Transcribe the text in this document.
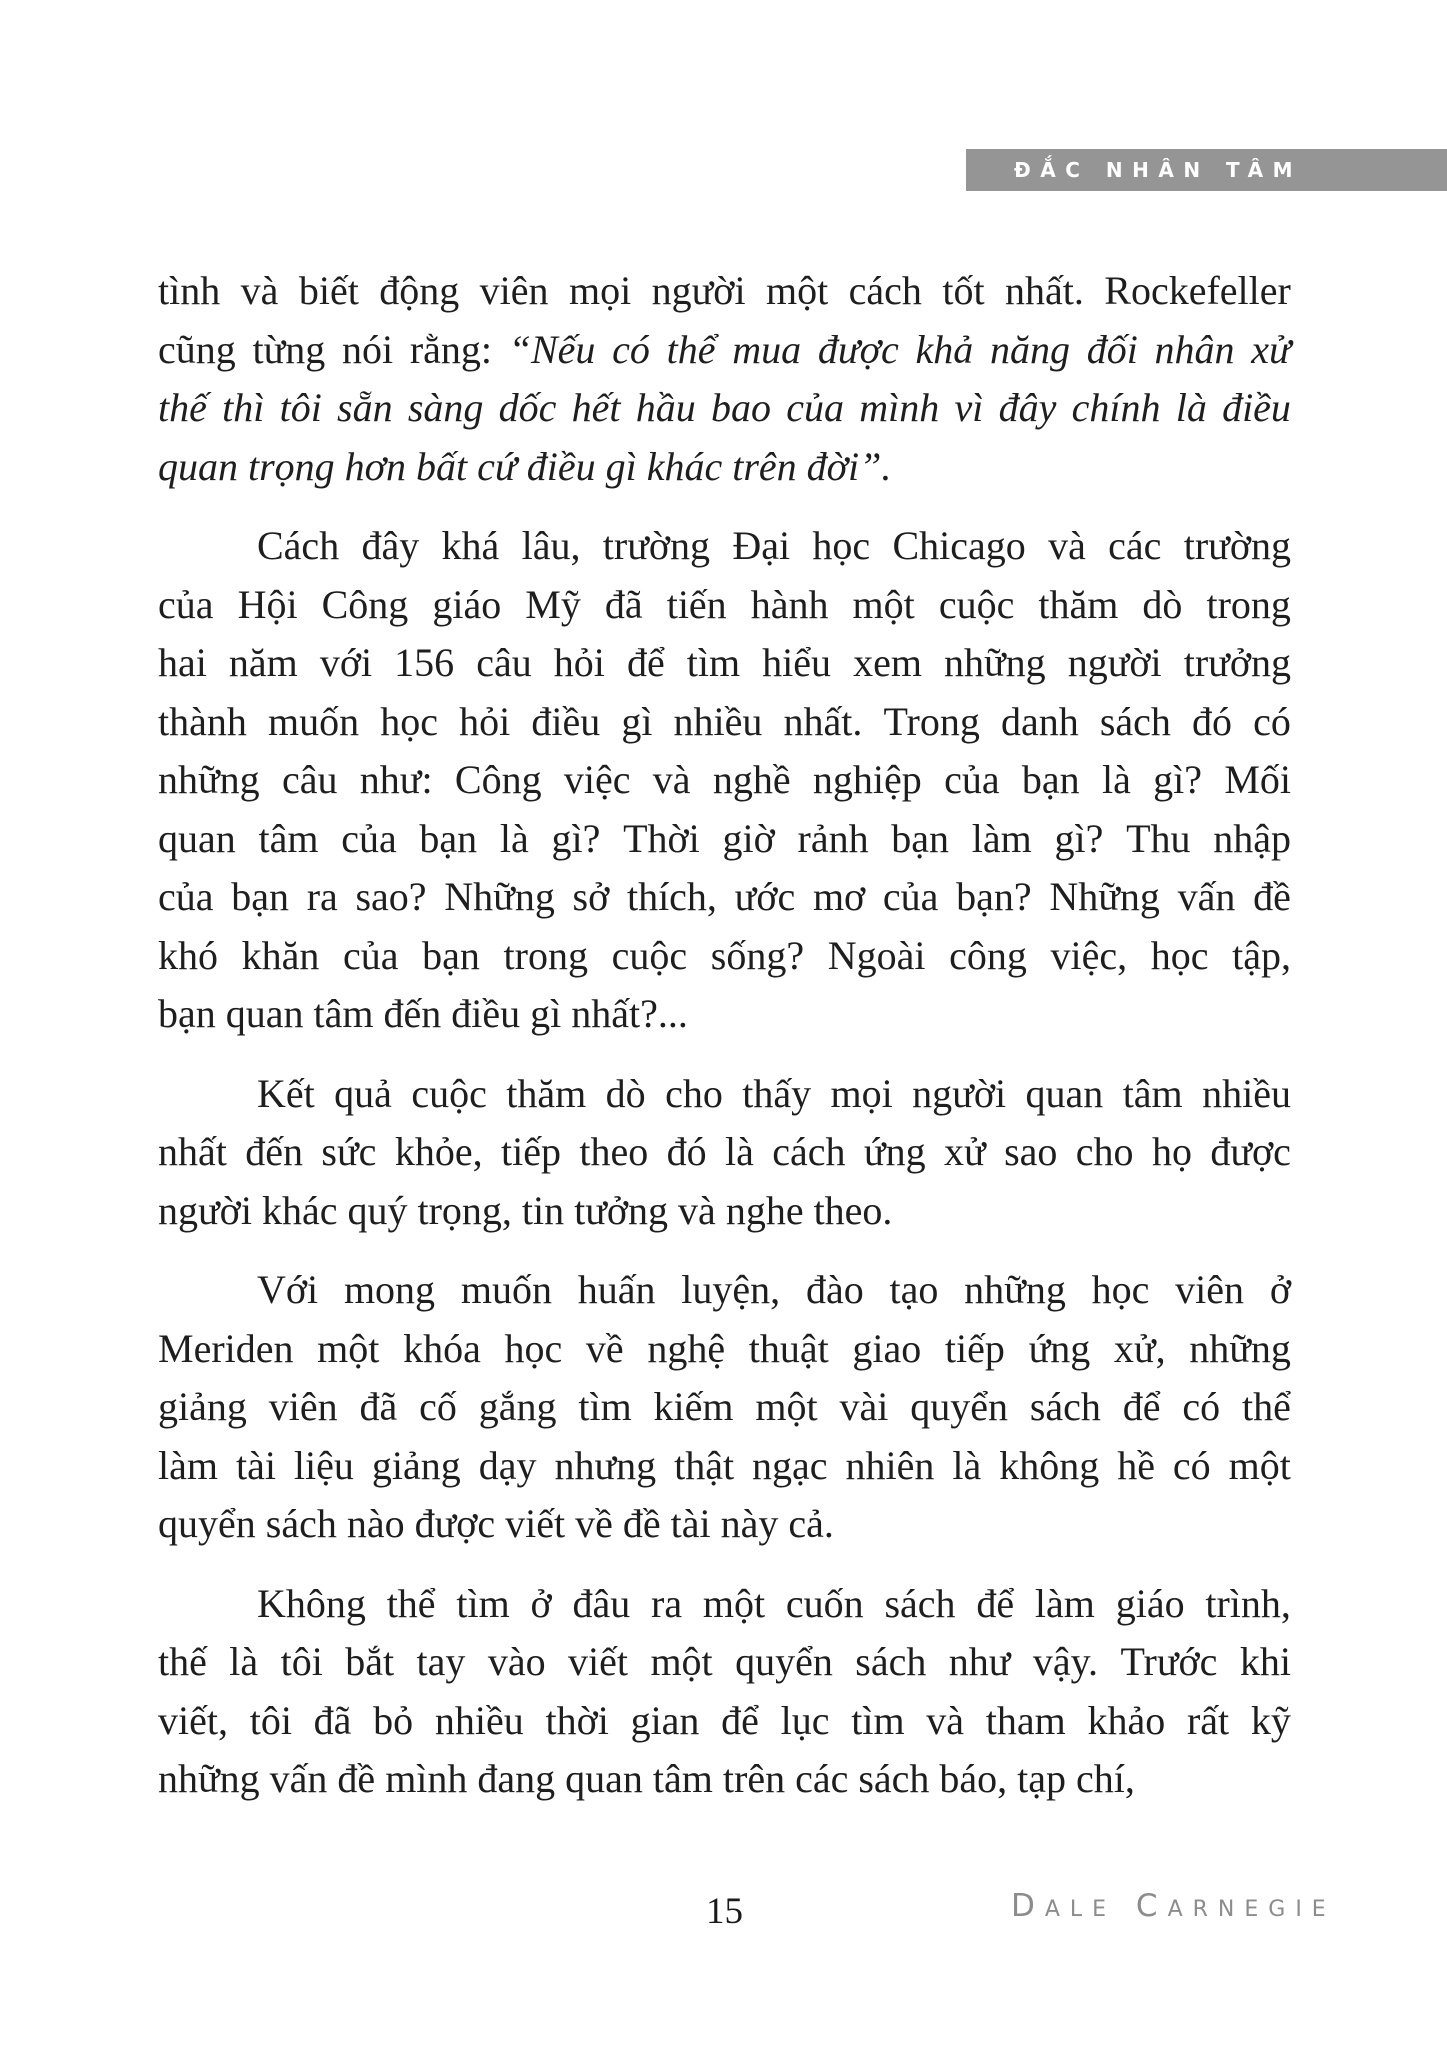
ĐẮC NHÂN TÂM
tình và biết động viên mọi người một cách tốt nhất. Rockefeller
cũng từng nói rằng: “Nếu có thể mua được khả năng đối nhân xử
thế thì tôi sẵn sàng dốc hết hầu bao của mình vì đây chính là điều
quan trọng hơn bất cứ điều gì khác trên đời”.
Cách đây khá lâu, trường Đại học Chicago và các trường
của Hội Công giáo Mỹ đã tiến hành một cuộc thăm dò trong
hai năm với 156 câu hỏi để tìm hiểu xem những người trưởng
thành muốn học hỏi điều gì nhiều nhất. Trong danh sách đó có
những câu như: Công việc và nghề nghiệp của bạn là gì? Mối
quan tâm của bạn là gì? Thời giờ rảnh bạn làm gì? Thu nhập
của bạn ra sao? Những sở thích, ước mơ của bạn? Những vấn đề
khó khăn của bạn trong cuộc sống? Ngoài công việc, học tập,
bạn quan tâm đến điều gì nhất?...
Kết quả cuộc thăm dò cho thấy mọi người quan tâm nhiều
nhất đến sức khỏe, tiếp theo đó là cách ứng xử sao cho họ được
người khác quý trọng, tin tưởng và nghe theo.
Với mong muốn huấn luyện, đào tạo những học viên ở
Meriden một khóa học về nghệ thuật giao tiếp ứng xử, những
giảng viên đã cố gắng tìm kiếm một vài quyển sách để có thể
làm tài liệu giảng dạy nhưng thật ngạc nhiên là không hề có một
quyển sách nào được viết về đề tài này cả.
Không thể tìm ở đâu ra một cuốn sách để làm giáo trình,
thế là tôi bắt tay vào viết một quyển sách như vậy. Trước khi
viết, tôi đã bỏ nhiều thời gian để lục tìm và tham khảo rất kỹ
những vấn đề mình đang quan tâm trên các sách báo, tạp chí,
15	Dale Carnegie
